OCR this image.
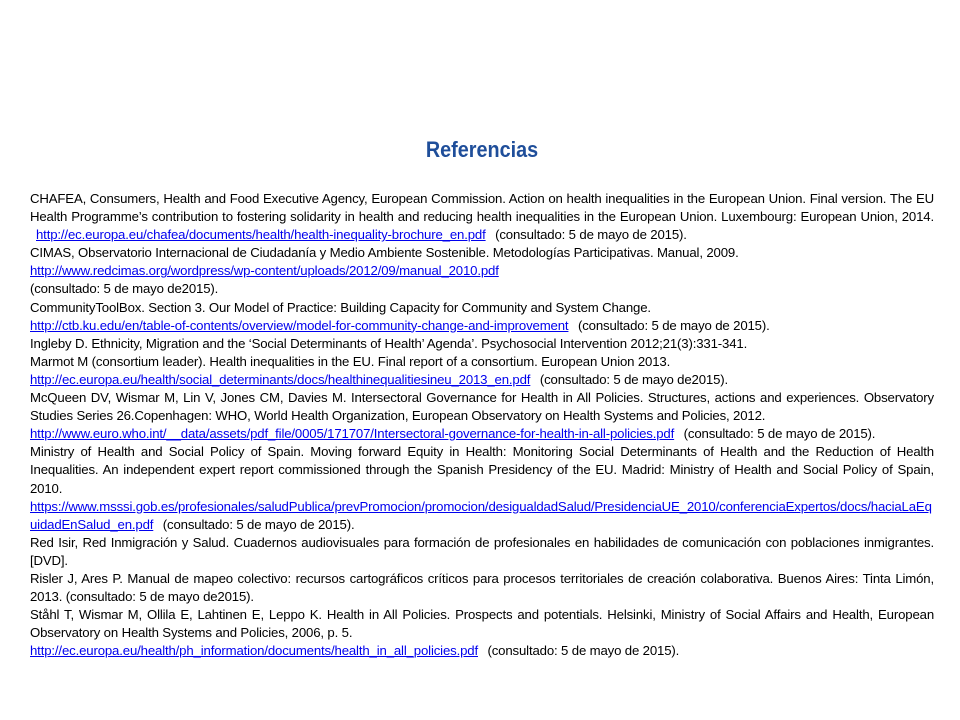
Referencias

CHAFEA, Consumers, Health and Food Executive Agency, European Commission. Action on health inequalities in the European Union. Final version. The EU Health Programme’s contribution to fostering solidarity in health and reducing health inequalities in the European Union. Luxembourg: European Union, 2014. http://ec.europa.eu/chafea/documents/health/health-inequality-brochure_en.pdf (consultado: 5 de mayo de 2015).

CIMAS, Observatorio Internacional de Ciudadanía y Medio Ambiente Sostenible. Metodologías Participativas. Manual, 2009.
http://www.redcimas.org/wordpress/wp-content/uploads/2012/09/manual_2010.pdf
(consultado: 5 de mayo de2015).

CommunityToolBox. Section 3. Our Model of Practice: Building Capacity for Community and System Change.
http://ctb.ku.edu/en/table-of-contents/overview/model-for-community-change-and-improvement (consultado: 5 de mayo de 2015).

Ingleby D. Ethnicity, Migration and the ‘Social Determinants of Health’ Agenda’. Psychosocial Intervention 2012;21(3):331-341.

Marmot M (consortium leader). Health inequalities in the EU. Final report of a consortium. European Union 2013.
http://ec.europa.eu/health/social_determinants/docs/healthinequalitiesineu_2013_en.pdf (consultado: 5 de mayo de2015).

McQueen DV, Wismar M, Lin V, Jones CM, Davies M. Intersectoral Governance for Health in All Policies. Structures, actions and experiences. Observatory Studies Series 26.Copenhagen: WHO, World Health Organization, European Observatory on Health Systems and Policies, 2012.
http://www.euro.who.int/__data/assets/pdf_file/0005/171707/Intersectoral-governance-for-health-in-all-policies.pdf (consultado: 5 de mayo de 2015).

Ministry of Health and Social Policy of Spain. Moving forward Equity in Health: Monitoring Social Determinants of Health and the Reduction of Health Inequalities. An independent expert report commissioned through the Spanish Presidency of the EU. Madrid: Ministry of Health and Social Policy of Spain, 2010.
https://www.msssi.gob.es/profesionales/saludPublica/prevPromocion/promocion/desigualdadSalud/PresidenciaUE_2010/conferenciaExpertos/docs/haciaLaEquidadEnSalud_en.pdf (consultado: 5 de mayo de 2015).

Red Isir, Red Inmigración y Salud. Cuadernos audiovisuales para formación de profesionales en habilidades de comunicación con poblaciones inmigrantes. [DVD].

Risler J, Ares P. Manual de mapeo colectivo: recursos cartográficos críticos para procesos territoriales de creación colaborativa. Buenos Aires: Tinta Limón, 2013. (consultado: 5 de mayo de2015).

Ståhl T, Wismar M, Ollila E, Lahtinen E, Leppo K. Health in All Policies. Prospects and potentials. Helsinki, Ministry of Social Affairs and Health, European Observatory on Health Systems and Policies, 2006, p. 5.
http://ec.europa.eu/health/ph_information/documents/health_in_all_policies.pdf (consultado: 5 de mayo de 2015).
